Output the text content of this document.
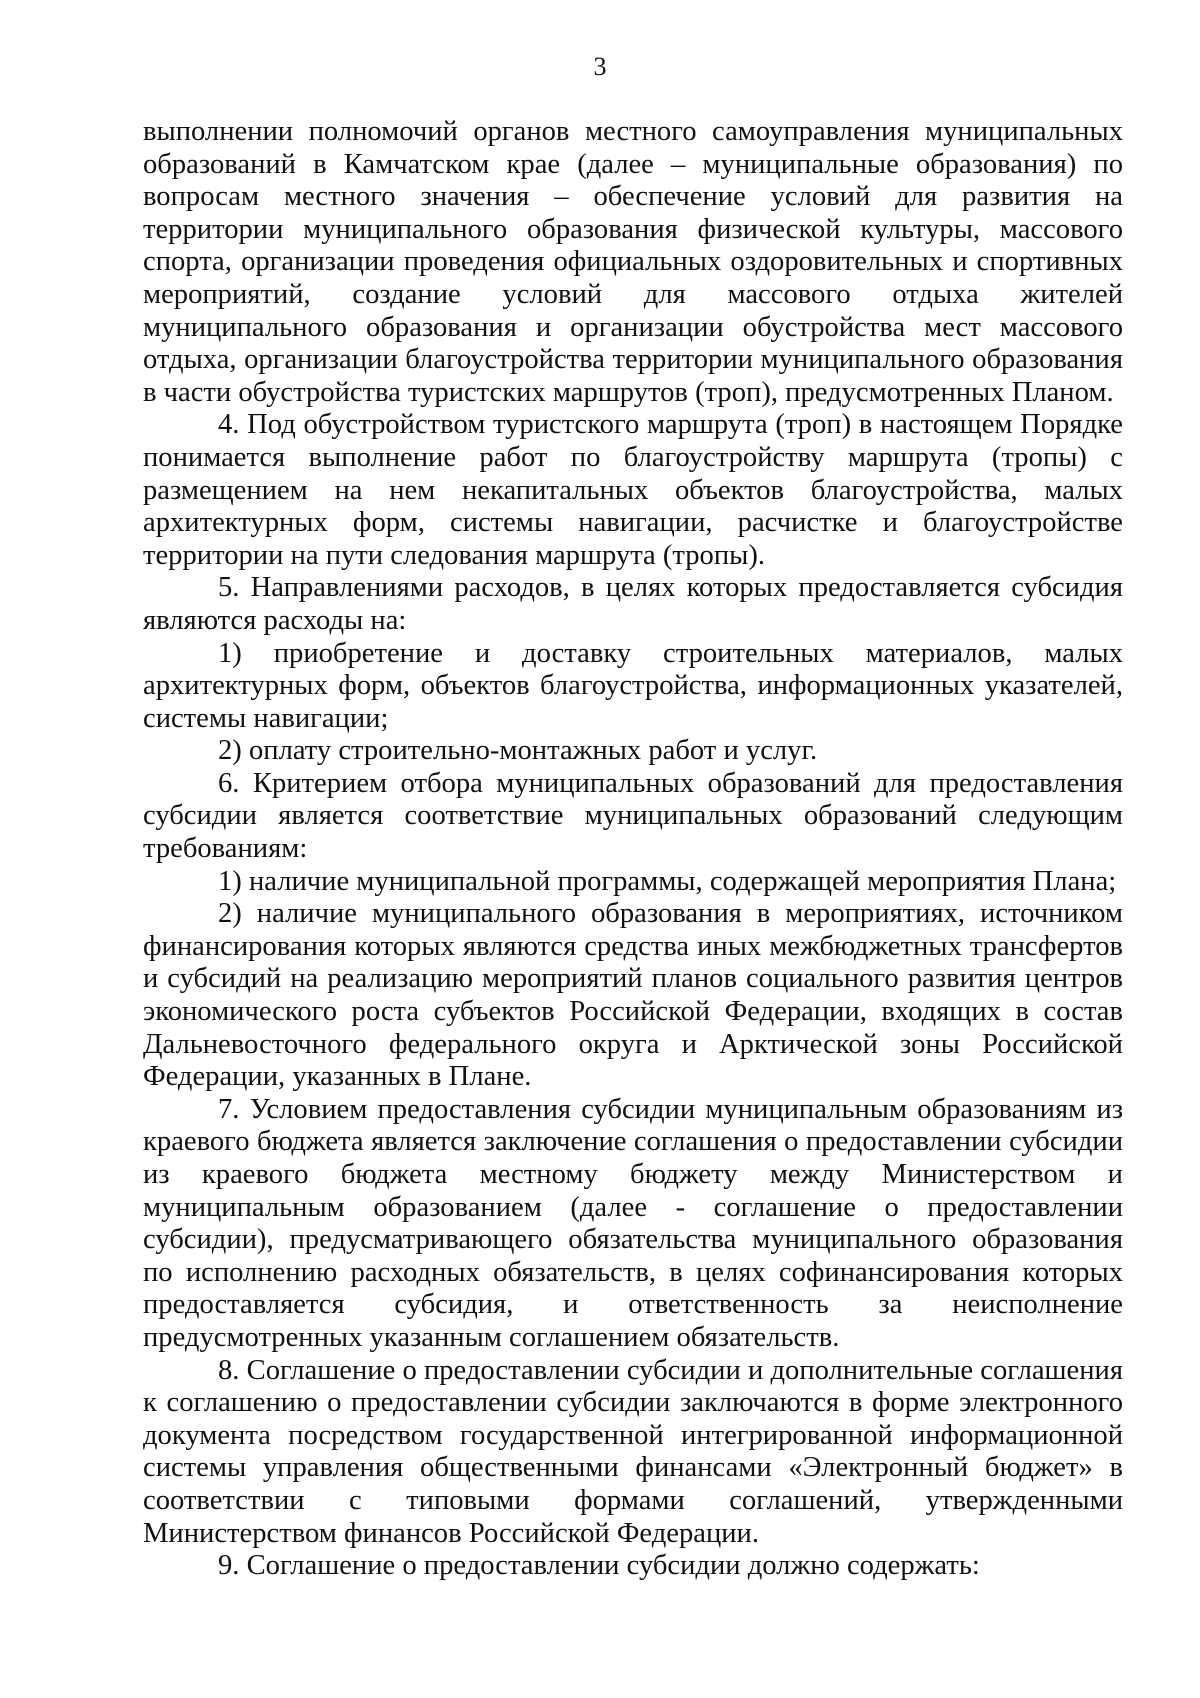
3

выполнении полномочий органов местного самоуправления муниципальных образований в Камчатском крае (далее – муниципальные образования) по вопросам местного значения – обеспечение условий для развития на территории муниципального образования физической культуры, массового спорта, организации проведения официальных оздоровительных и спортивных мероприятий, создание условий для массового отдыха жителей муниципального образования и организации обустройства мест массового отдыха, организации благоустройства территории муниципального образования в части обустройства туристских маршрутов (троп), предусмотренных Планом.

4. Под обустройством туристского маршрута (троп) в настоящем Порядке понимается выполнение работ по благоустройству маршрута (тропы) с размещением на нем некапитальных объектов благоустройства, малых архитектурных форм, системы навигации, расчистке и благоустройстве территории на пути следования маршрута (тропы).

5. Направлениями расходов, в целях которых предоставляется субсидия являются расходы на:

1) приобретение и доставку строительных материалов, малых архитектурных форм, объектов благоустройства, информационных указателей, системы навигации;

2) оплату строительно-монтажных работ и услуг.

6. Критерием отбора муниципальных образований для предоставления субсидии является соответствие муниципальных образований следующим требованиям:

1) наличие муниципальной программы, содержащей мероприятия Плана;

2) наличие муниципального образования в мероприятиях, источником финансирования которых являются средства иных межбюджетных трансфертов и субсидий на реализацию мероприятий планов социального развития центров экономического роста субъектов Российской Федерации, входящих в состав Дальневосточного федерального округа и Арктической зоны Российской Федерации, указанных в Плане.

7. Условием предоставления субсидии муниципальным образованиям из краевого бюджета является заключение соглашения о предоставлении субсидии из краевого бюджета местному бюджету между Министерством и муниципальным образованием (далее - соглашение о предоставлении субсидии), предусматривающего обязательства муниципального образования по исполнению расходных обязательств, в целях софинансирования которых предоставляется субсидия, и ответственность за неисполнение предусмотренных указанным соглашением обязательств.

8. Соглашение о предоставлении субсидии и дополнительные соглашения к соглашению о предоставлении субсидии заключаются в форме электронного документа посредством государственной интегрированной информационной системы управления общественными финансами «Электронный бюджет» в соответствии с типовыми формами соглашений, утвержденными Министерством финансов Российской Федерации.

9. Соглашение о предоставлении субсидии должно содержать:
